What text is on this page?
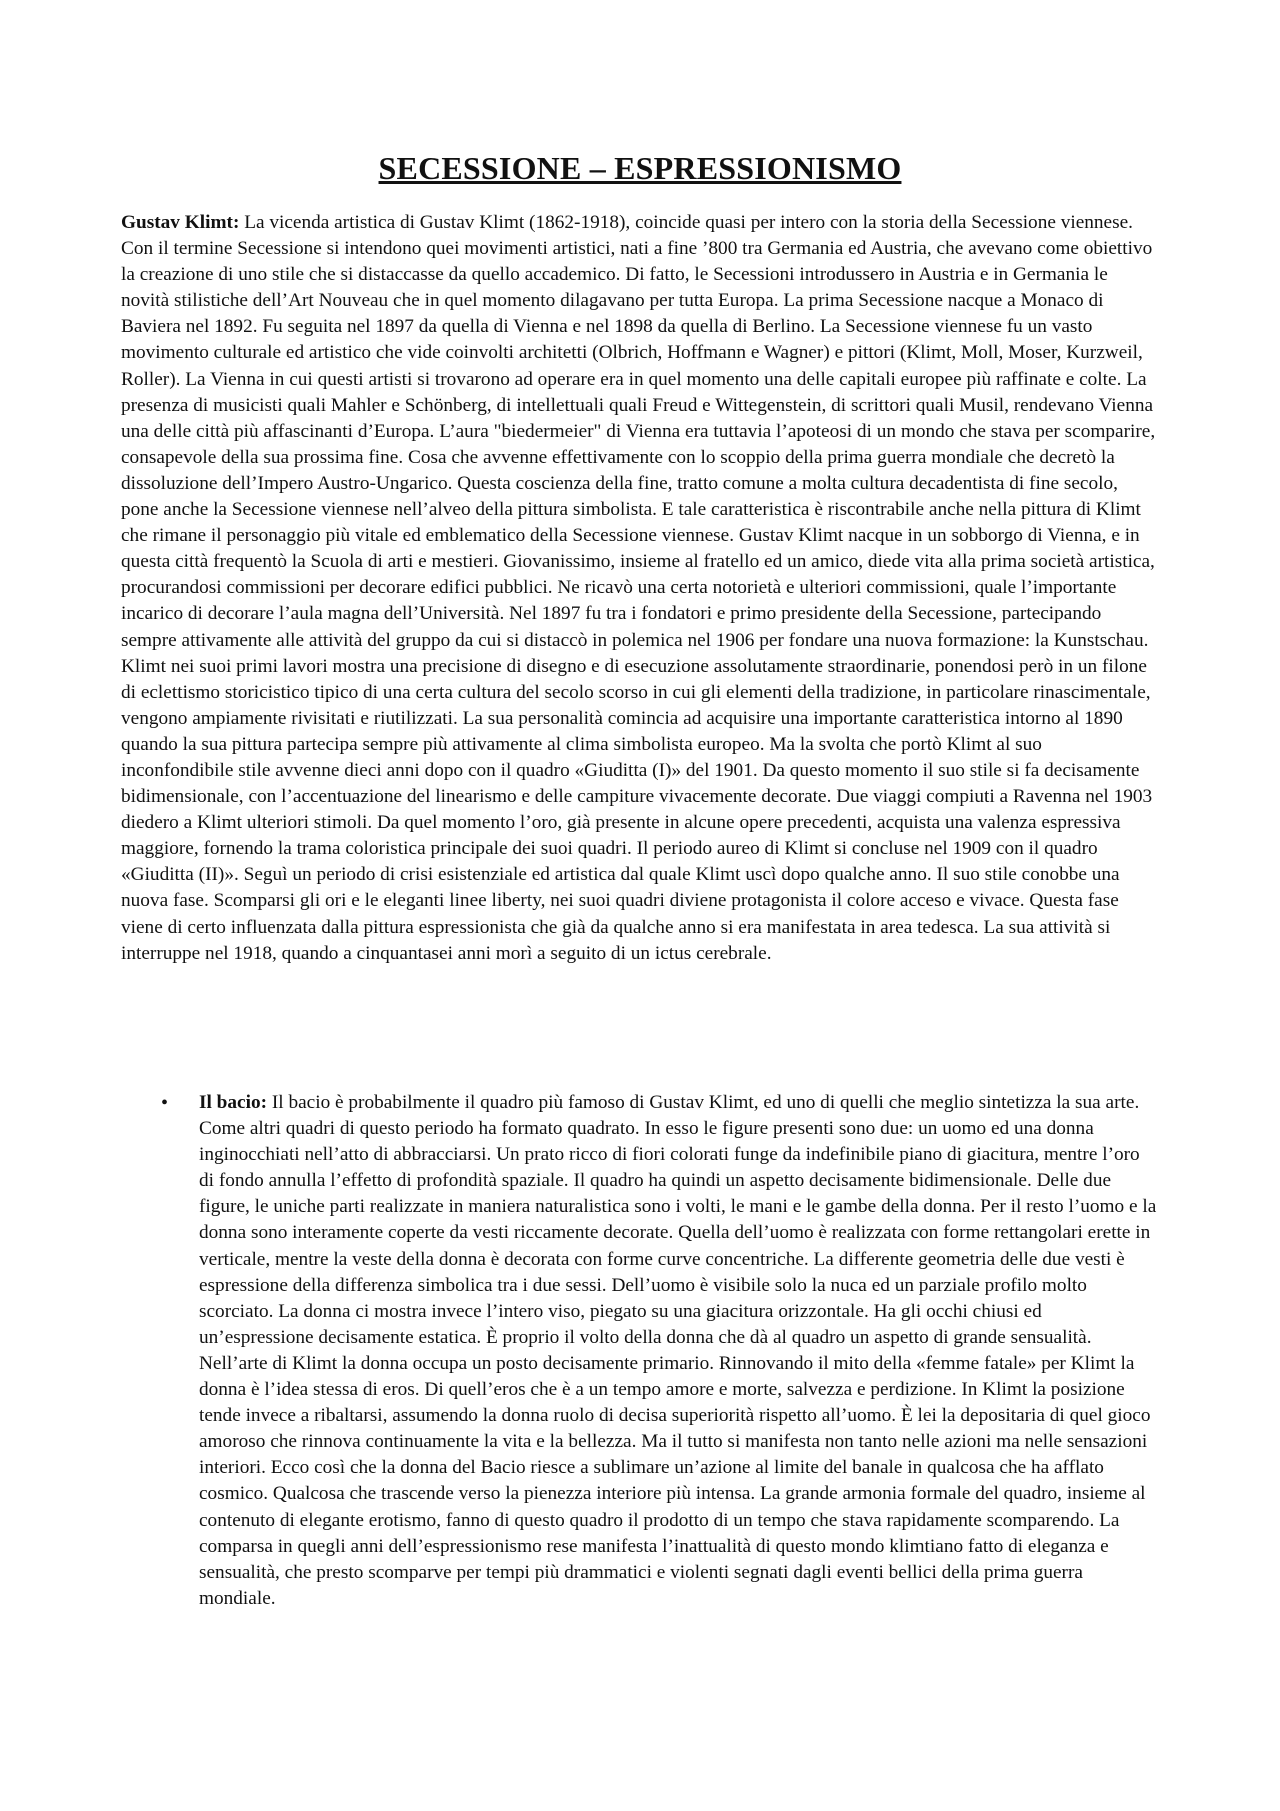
SECESSIONE – ESPRESSIONISMO

Gustav Klimt: La vicenda artistica di Gustav Klimt (1862-1918), coincide quasi per intero con la storia della Secessione viennese. Con il termine Secessione si intendono quei movimenti artistici, nati a fine ’800 tra Germania ed Austria, che avevano come obiettivo la creazione di uno stile che si distaccasse da quello accademico. Di fatto, le Secessioni introdussero in Austria e in Germania le novità stilistiche dell’Art Nouveau che in quel momento dilagavano per tutta Europa. La prima Secessione nacque a Monaco di Baviera nel 1892. Fu seguita nel 1897 da quella di Vienna e nel 1898 da quella di Berlino. La Secessione viennese fu un vasto movimento culturale ed artistico che vide coinvolti architetti (Olbrich, Hoffmann e Wagner) e pittori (Klimt, Moll, Moser, Kurzweil, Roller). La Vienna in cui questi artisti si trovarono ad operare era in quel momento una delle capitali europee più raffinate e colte. La presenza di musicisti quali Mahler e Schönberg, di intellettuali quali Freud e Wittegenstein, di scrittori quali Musil, rendevano Vienna una delle città più affascinanti d’Europa. L’aura "biedermeier" di Vienna era tuttavia l’apoteosi di un mondo che stava per scomparire, consapevole della sua prossima fine. Cosa che avvenne effettivamente con lo scoppio della prima guerra mondiale che decretò la dissoluzione dell’Impero Austro-Ungarico. Questa coscienza della fine, tratto comune a molta cultura decadentista di fine secolo, pone anche la Secessione viennese nell’alveo della pittura simbolista. E tale caratteristica è riscontrabile anche nella pittura di Klimt che rimane il personaggio più vitale ed emblematico della Secessione viennese. Gustav Klimt nacque in un sobborgo di Vienna, e in questa città frequentò la Scuola di arti e mestieri. Giovanissimo, insieme al fratello ed un amico, diede vita alla prima società artistica, procurandosi commissioni per decorare edifici pubblici. Ne ricavò una certa notorietà e ulteriori commissioni, quale l’importante incarico di decorare l’aula magna dell’Università. Nel 1897 fu tra i fondatori e primo presidente della Secessione, partecipando sempre attivamente alle attività del gruppo da cui si distaccò in polemica nel 1906 per fondare una nuova formazione: la Kunstschau. Klimt nei suoi primi lavori mostra una precisione di disegno e di esecuzione assolutamente straordinarie, ponendosi però in un filone di eclettismo storicistico tipico di una certa cultura del secolo scorso in cui gli elementi della tradizione, in particolare rinascimentale, vengono ampiamente rivisitati e riutilizzati. La sua personalità comincia ad acquisire una importante caratteristica intorno al 1890 quando la sua pittura partecipa sempre più attivamente al clima simbolista europeo. Ma la svolta che portò Klimt al suo inconfondibile stile avvenne dieci anni dopo con il quadro «Giuditta (I)» del 1901. Da questo momento il suo stile si fa decisamente bidimensionale, con l’accentuazione del linearismo e delle campiture vivacemente decorate. Due viaggi compiuti a Ravenna nel 1903 diedero a Klimt ulteriori stimoli. Da quel momento l’oro, già presente in alcune opere precedenti, acquista una valenza espressiva maggiore, fornendo la trama coloristica principale dei suoi quadri. Il periodo aureo di Klimt si concluse nel 1909 con il quadro «Giuditta (II)». Seguì un periodo di crisi esistenziale ed artistica dal quale Klimt uscì dopo qualche anno. Il suo stile conobbe una nuova fase. Scomparsi gli ori e le eleganti linee liberty, nei suoi quadri diviene protagonista il colore acceso e vivace. Questa fase viene di certo influenzata dalla pittura espressionista che già da qualche anno si era manifestata in area tedesca. La sua attività si interruppe nel 1918, quando a cinquantasei anni morì a seguito di un ictus cerebrale.

• Il bacio: Il bacio è probabilmente il quadro più famoso di Gustav Klimt, ed uno di quelli che meglio sintetizza la sua arte. Come altri quadri di questo periodo ha formato quadrato. In esso le figure presenti sono due: un uomo ed una donna inginocchiati nell’atto di abbracciarsi. Un prato ricco di fiori colorati funge da indefinibile piano di giacitura, mentre l’oro di fondo annulla l’effetto di profondità spaziale. Il quadro ha quindi un aspetto decisamente bidimensionale. Delle due figure, le uniche parti realizzate in maniera naturalistica sono i volti, le mani e le gambe della donna. Per il resto l’uomo e la donna sono interamente coperte da vesti riccamente decorate. Quella dell’uomo è realizzata con forme rettangolari erette in verticale, mentre la veste della donna è decorata con forme curve concentriche. La differente geometria delle due vesti è espressione della differenza simbolica tra i due sessi. Dell’uomo è visibile solo la nuca ed un parziale profilo molto scorciato. La donna ci mostra invece l’intero viso, piegato su una giacitura orizzontale. Ha gli occhi chiusi ed un’espressione decisamente estatica. È proprio il volto della donna che dà al quadro un aspetto di grande sensualità. Nell’arte di Klimt la donna occupa un posto decisamente primario. Rinnovando il mito della «femme fatale» per Klimt la donna è l’idea stessa di eros. Di quell’eros che è a un tempo amore e morte, salvezza e perdizione. In Klimt la posizione tende invece a ribaltarsi, assumendo la donna ruolo di decisa superiorità rispetto all’uomo. È lei la depositaria di quel gioco amoroso che rinnova continuamente la vita e la bellezza. Ma il tutto si manifesta non tanto nelle azioni ma nelle sensazioni interiori. Ecco così che la donna del Bacio riesce a sublimare un’azione al limite del banale in qualcosa che ha afflato cosmico. Qualcosa che trascende verso la pienezza interiore più intensa. La grande armonia formale del quadro, insieme al contenuto di elegante erotismo, fanno di questo quadro il prodotto di un tempo che stava rapidamente scomparendo. La comparsa in quegli anni dell’espressionismo rese manifesta l’inattualità di questo mondo klimtiano fatto di eleganza e sensualità, che presto scomparve per tempi più drammatici e violenti segnati dagli eventi bellici della prima guerra mondiale.
